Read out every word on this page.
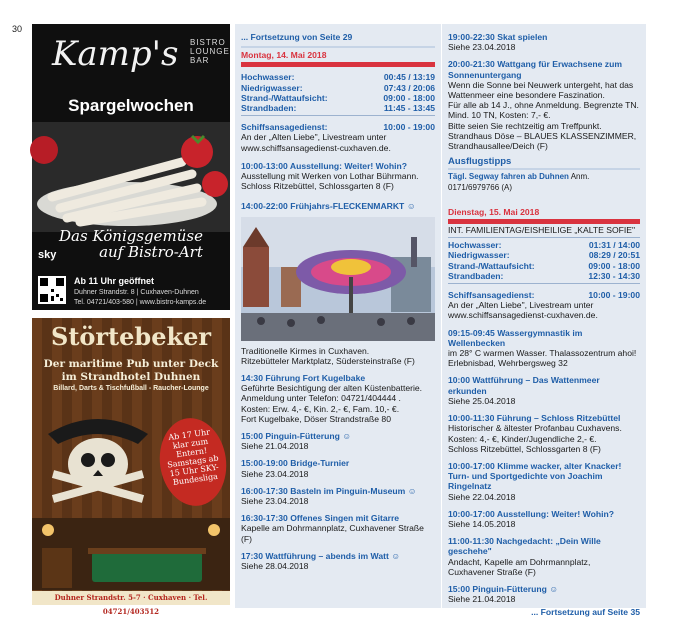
30
Kamp's BISTRO
LOUNGE
BAR
Spargelwochen
Das Königsgemüse
auf Bistro-Art
sky
Ab 11 Uhr geöffnet
Duhner Strandstr. 8 | Cuxhaven-Duhnen
Tel. 04721/403-580 | www.bistro-kamps.de
Störtebeker
Der maritime Pub unter Deck
im Strandhotel Duhnen
Billard, Darts & Tischfußball - Raucher-Lounge
Ab 17 Uhr klar zum Entern! Samstags ab 15 Uhr SKY-Bundesliga
Duhner Strandstr. 5-7 · Cuxhaven · Tel. 04721/403512
... Fortsetzung von Seite 29
Montag, 14. Mai 2018
Hochwasser:	00:45 / 13:19
Niedrigwasser:	07:43 / 20:06
Strand-/Wattaufsicht:	09:00 - 18:00
Strandbaden:	11:45 - 13:45
Schiffsansagedienst:	10:00 - 19:00
An der „Alten Liebe", Livestream unter
www.schiffsansagedienst-cuxhaven.de.
10:00-13:00 Ausstellung: Weiter! Wohin?
Ausstellung mit Werken von Lothar Bührmann.
Schloss Ritzebüttel, Schlossgarten 8 (F)
14:00-22:00 Frühjahrs-FLECKENMARKT ☺
Traditionelle Kirmes in Cuxhaven.
Ritzebütteler Marktplatz, Südersteinstraße (F)
14:30 Führung Fort Kugelbake
Geführte Besichtigung der alten Küstenbatterie.
Anmeldung unter Telefon: 04721/404444 .
Kosten: Erw. 4,- €, Kin. 2,- €, Fam. 10,- €.
Fort Kugelbake, Döser Strandstraße 80
15:00 Pinguin-Fütterung ☺
Siehe 21.04.2018
15:00-19:00 Bridge-Turnier
Siehe 23.04.2018
16:00-17:30 Basteln im Pinguin-Museum ☺
Siehe 23.04.2018
16:30-17:30 Offenes Singen mit Gitarre
Kapelle am Dohrmannplatz, Cuxhavener Straße (F)
17:30 Wattführung – abends im Watt ☺
Siehe 28.04.2018
19:00-22:30 Skat spielen
Siehe 23.04.2018
20:00-21:30 Wattgang für Erwachsene zum
Sonnenuntergang
Wenn die Sonne bei Neuwerk untergeht, hat das
Wattenmeer eine besondere Faszination.
Für alle ab 14 J., ohne Anmeldung. Begrenzte TN.
Mind. 10 TN, Kosten: 7,- €.
Bitte seien Sie rechtzeitig am Treffpunkt.
Strandhaus Döse – BLAUES KLASSENZIMMER,
Strandhausallee/Deich (F)
Ausflugstipps
Tägl. Segway fahren ab Duhnen Anm. 0171/6979766 (A)
Dienstag, 15. Mai 2018
INT. FAMILIENTAG/EISHEILIGE „KALTE SOFIE"
Hochwasser:	01:31 / 14:00
Niedrigwasser:	08:29 / 20:51
Strand-/Wattaufsicht:	09:00 - 18:00
Strandbaden:	12:30 - 14:30
Schiffsansagedienst:	10:00 - 19:00
An der „Alten Liebe", Livestream unter
www.schiffsansagedienst-cuxhaven.de.
09:15-09:45 Wassergymnastik im Wellenbecken
im 28° C warmen Wasser. Thalassozentrum ahoi!
Erlebnisbad, Wehrbergsweg 32
10:00 Wattführung – Das Wattenmeer erkunden
Siehe 25.04.2018
10:00-11:30 Führung – Schloss Ritzebüttel
Historischer & ältester Profanbau Cuxhavens.
Kosten: 4,- €, Kinder/Jugendliche 2,- €.
Schloss Ritzebüttel, Schlossgarten 8 (F)
10:00-17:00 Klimme wacker, alter Knacker!
Turn- und Sportgedichte von Joachim Ringelnatz
Siehe 22.04.2018
10:00-17:00 Ausstellung: Weiter! Wohin?
Siehe 14.05.2018
11:00-11:30 Nachgedacht: „Dein Wille geschehe"
Andacht, Kapelle am Dohrmannplatz,
Cuxhavener Straße (F)
15:00 Pinguin-Fütterung ☺
Siehe 21.04.2018
... Fortsetzung auf Seite 35
